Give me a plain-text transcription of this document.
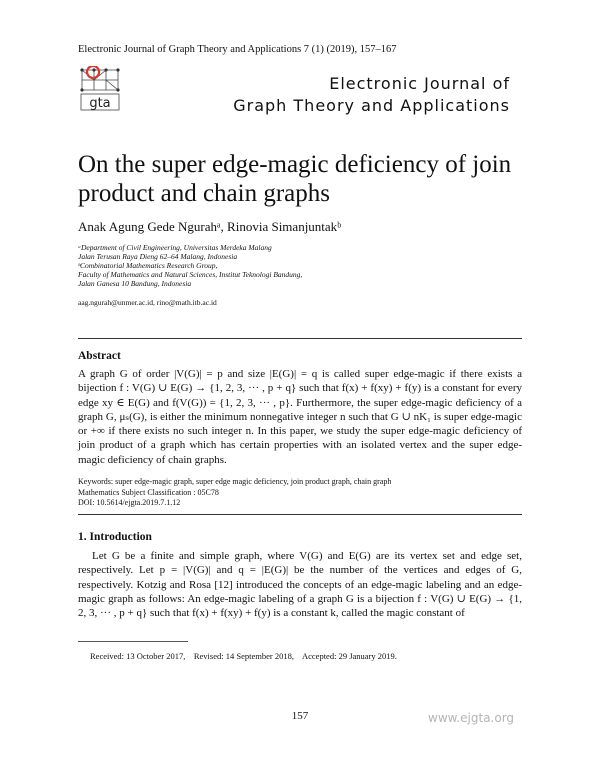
Electronic Journal of Graph Theory and Applications 7 (1) (2019), 157–167
gta
Electronic Journal of
Graph Theory and Applications
On the super edge-magic deficiency of join product and chain graphs
Anak Agung Gede Ngurahᵃ, Rinovia Simanjuntakᵇ
ᵃDepartment of Civil Engineering, Universitas Merdeka Malang
Jalan Terusan Raya Dieng 62–64 Malang, Indonesia
ᵇCombinatorial Mathematics Research Group,
Faculty of Mathematics and Natural Sciences, Institut Teknologi Bandung,
Jalan Ganesa 10 Bandung, Indonesia
aag.ngurah@unmer.ac.id, rino@math.itb.ac.id
Abstract

A graph G of order |V(G)| = p and size |E(G)| = q is called super edge-magic if there exists a bijection f : V(G) ∪ E(G) → {1, 2, 3, ··· , p + q} such that f(x) + f(xy) + f(y) is a constant for every edge xy ∈ E(G) and f(V(G)) = {1, 2, 3, ··· , p}. Furthermore, the super edge-magic deficiency of a graph G, μₛ(G), is either the minimum nonnegative integer n such that G ∪ nK₁ is super edge-magic or +∞ if there exists no such integer n. In this paper, we study the super edge-magic deficiency of join product of a graph which has certain properties with an isolated vertex and the super edge-magic deficiency of chain graphs.

Keywords: super edge-magic graph, super edge magic deficiency, join product graph, chain graph
Mathematics Subject Classification : 05C78
DOI: 10.5614/ejgta.2019.7.1.12
1. Introduction

Let G be a finite and simple graph, where V(G) and E(G) are its vertex set and edge set, respectively. Let p = |V(G)| and q = |E(G)| be the number of the vertices and edges of G, respectively. Kotzig and Rosa [12] introduced the concepts of an edge-magic labeling and an edge-magic graph as follows: An edge-magic labeling of a graph G is a bijection f : V(G) ∪ E(G) → {1, 2, 3, ··· , p + q} such that f(x) + f(xy) + f(y) is a constant k, called the magic constant of

Received: 13 October 2017,    Revised: 14 September 2018,    Accepted: 29 January 2019.
157	www.ejgta.org
